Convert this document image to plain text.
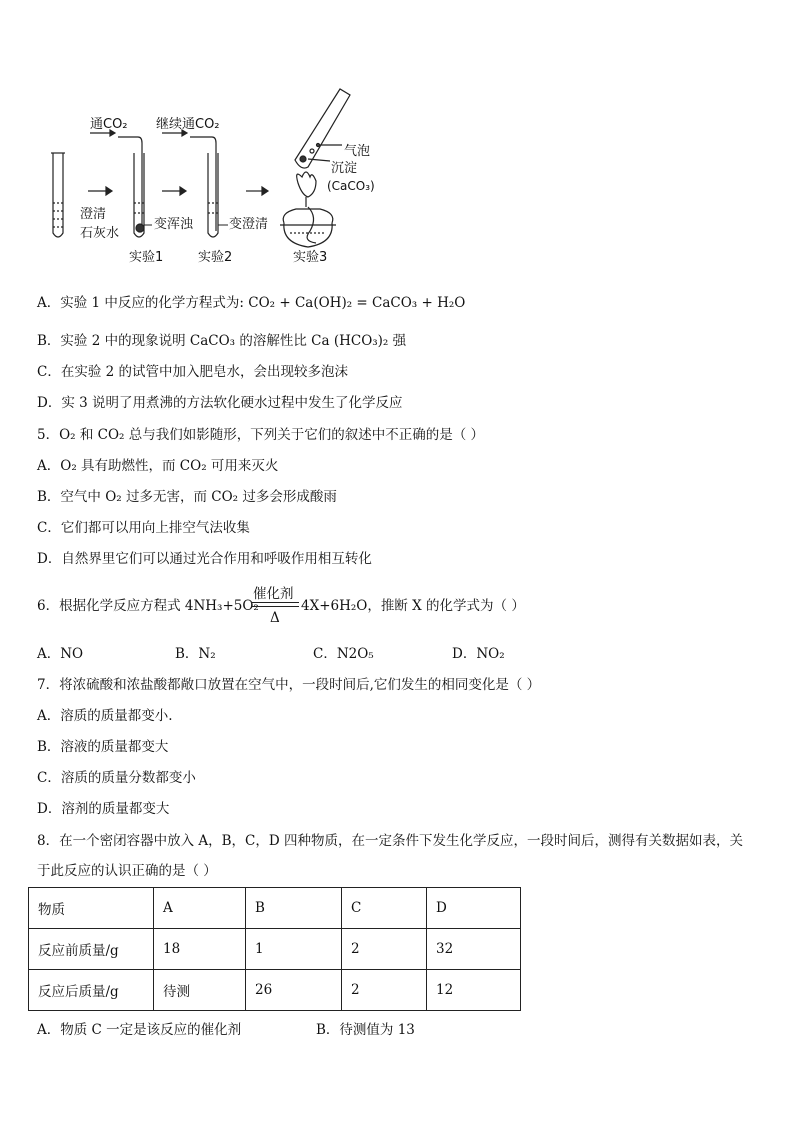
通CO₂ 继续通CO₂
澄清
石灰水
变浑浊	变澄清
气泡
沉淀
(CaCO₃)
实验1	实验2	实验3
A．实验 1 中反应的化学方程式为: CO₂ + Ca(OH)₂ = CaCO₃ + H₂O
B．实验 2 中的现象说明 CaCO₃ 的溶解性比 Ca (HCO₃)₂ 强
C．在实验 2 的试管中加入肥皂水，会出现较多泡沫
D．实 3 说明了用煮沸的方法软化硬水过程中发生了化学反应
5．O₂ 和 CO₂ 总与我们如影随形，下列关于它们的叙述中不正确的是（ ）
A．O₂ 具有助燃性，而 CO₂ 可用来灭火
B．空气中 O₂ 过多无害，而 CO₂ 过多会形成酸雨
C．它们都可以用向上排空气法收集
D．自然界里它们可以通过光合作用和呼吸作用相互转化
6．根据化学反应方程式 4NH₃+5O₂
催化剂
Δ
4X+6H₂O，推断 X 的化学式为（ ）
A．NO	B．N₂	C．N2O₅	D．NO₂
7．将浓硫酸和浓盐酸都敞口放置在空气中，一段时间后,它们发生的相同变化是（ ）
A．溶质的质量都变小.
B．溶液的质量都变大
C．溶质的质量分数都变小
D．溶剂的质量都变大
8．在一个密闭容器中放入 A，B，C，D 四种物质，在一定条件下发生化学反应，一段时间后，测得有关数据如表，关
于此反应的认识正确的是（ ）
物质	A	B	C	D
反应前质量/g	18	1	2	32
反应后质量/g	待测	26	2	12
A．物质 C 一定是该反应的催化剂	B．待测值为 13
